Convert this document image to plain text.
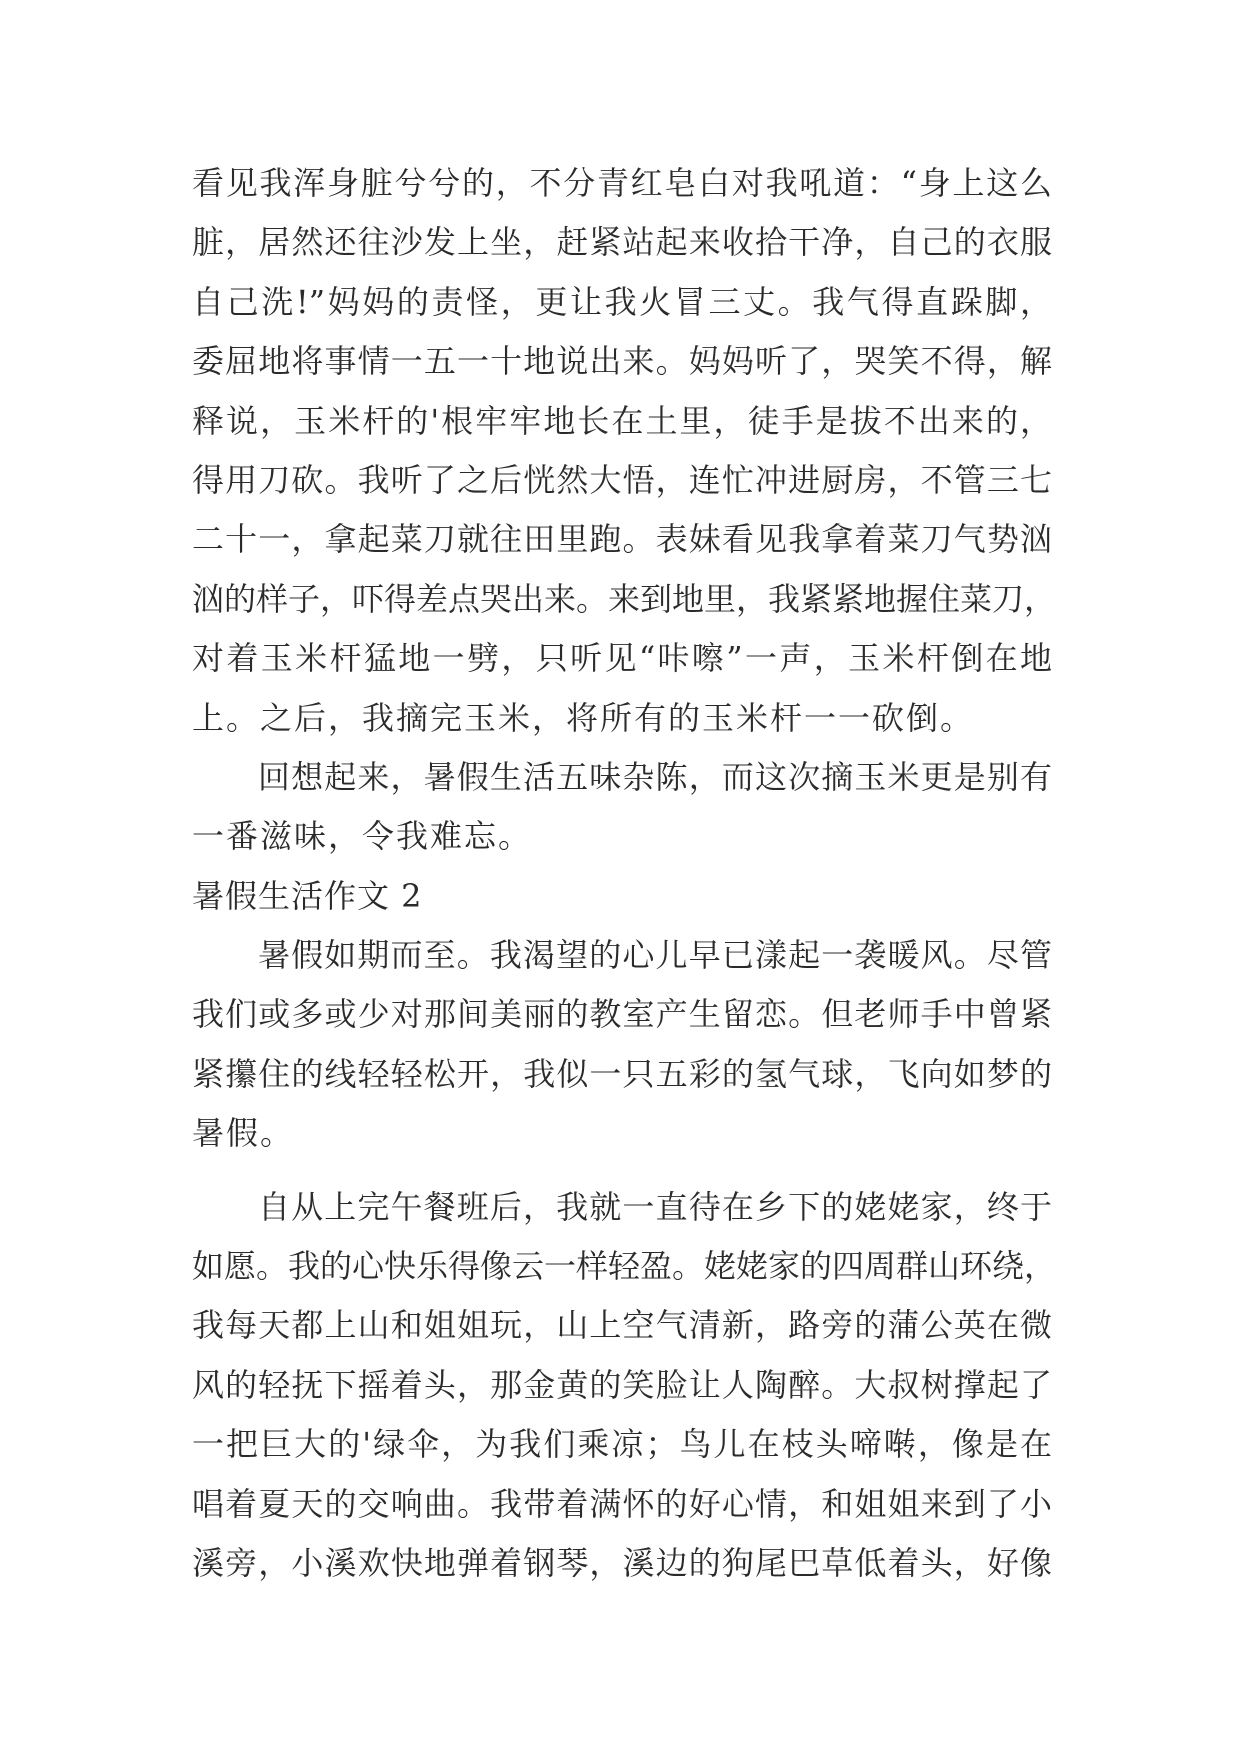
看见我浑身脏兮兮的，不分青红皂白对我吼道：“身上这么

脏，居然还往沙发上坐，赶紧站起来收拾干净，自己的衣服

自己洗!”妈妈的责怪，更让我火冒三丈。我气得直跺脚，

委屈地将事情一五一十地说出来。妈妈听了，哭笑不得，解

释说，玉米杆的'根牢牢地长在土里，徒手是拔不出来的，

得用刀砍。我听了之后恍然大悟，连忙冲进厨房，不管三七

二十一，拿起菜刀就往田里跑。表妹看见我拿着菜刀气势汹

汹的样子，吓得差点哭出来。来到地里，我紧紧地握住菜刀，

对着玉米杆猛地一劈，只听见“咔嚓”一声，玉米杆倒在地

上。之后，我摘完玉米，将所有的玉米杆一一砍倒。

回想起来，暑假生活五味杂陈，而这次摘玉米更是别有

一番滋味，令我难忘。

暑假生活作文 2

暑假如期而至。我渴望的心儿早已漾起一袭暖风。尽管

我们或多或少对那间美丽的教室产生留恋。但老师手中曾紧

紧攥住的线轻轻松开，我似一只五彩的氢气球，飞向如梦的

暑假。

自从上完午餐班后，我就一直待在乡下的姥姥家，终于

如愿。我的心快乐得像云一样轻盈。姥姥家的四周群山环绕，

我每天都上山和姐姐玩，山上空气清新，路旁的蒲公英在微

风的轻抚下摇着头，那金黄的笑脸让人陶醉。大叔树撑起了

一把巨大的'绿伞，为我们乘凉；鸟儿在枝头啼啭，像是在

唱着夏天的交响曲。我带着满怀的好心情，和姐姐来到了小

溪旁，小溪欢快地弹着钢琴，溪边的狗尾巴草低着头，好像
